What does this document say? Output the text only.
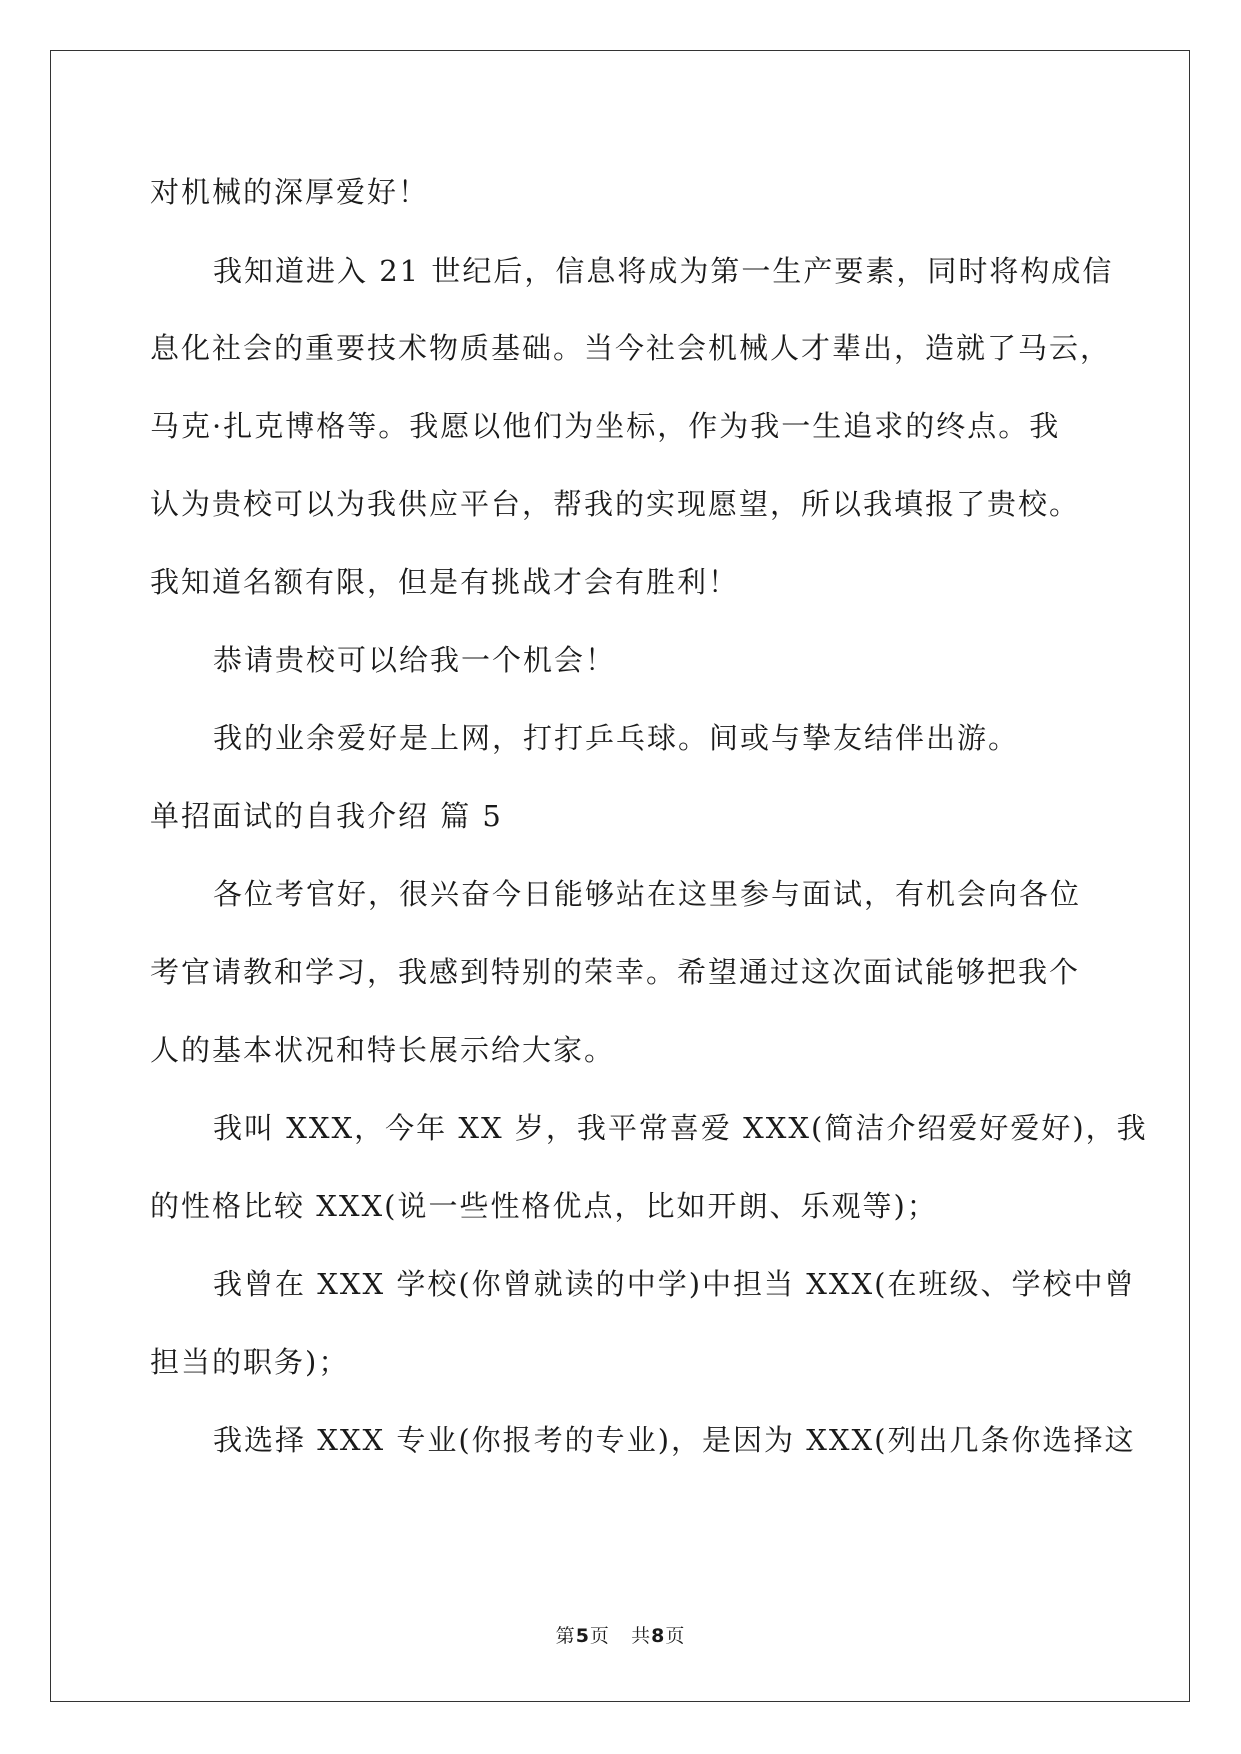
对机械的深厚爱好！
我知道进入 21 世纪后，信息将成为第一生产要素，同时将构成信
息化社会的重要技术物质基础。当今社会机械人才辈出，造就了马云，
马克·扎克博格等。我愿以他们为坐标，作为我一生追求的终点。我
认为贵校可以为我供应平台，帮我的实现愿望，所以我填报了贵校。
我知道名额有限，但是有挑战才会有胜利！
恭请贵校可以给我一个机会！
我的业余爱好是上网，打打乒乓球。间或与挚友结伴出游。
单招面试的自我介绍 篇 5
各位考官好，很兴奋今日能够站在这里参与面试，有机会向各位
考官请教和学习，我感到特别的荣幸。希望通过这次面试能够把我个
人的基本状况和特长展示给大家。
我叫 XXX，今年 XX 岁，我平常喜爱 XXX(简洁介绍爱好爱好)，我
的性格比较 XXX(说一些性格优点，比如开朗、乐观等)；
我曾在 XXX 学校(你曾就读的中学)中担当 XXX(在班级、学校中曾
担当的职务)；
我选择 XXX 专业(你报考的专业)，是因为 XXX(列出几条你选择这
第5页 共8页
